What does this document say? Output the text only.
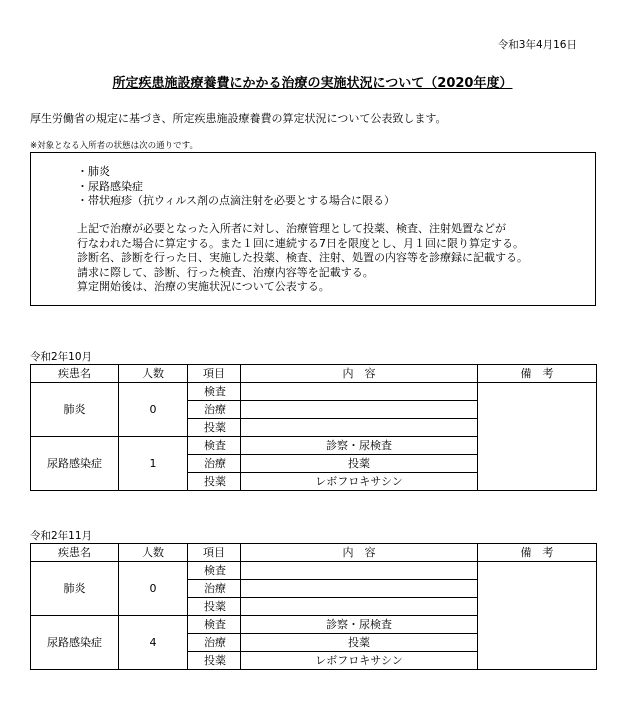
令和3年4月16日
所定疾患施設療養費にかかる治療の実施状況について（2020年度）
厚生労働省の規定に基づき、所定疾患施設療養費の算定状況について公表致します。
※対象となる入所者の状態は次の通りです。
・肺炎
・尿路感染症
・帯状疱疹（抗ウィルス剤の点滴注射を必要とする場合に限る）
上記で治療が必要となった入所者に対し、治療管理として投薬、検査、注射処置などが
行なわれた場合に算定する。また１回に連続する7日を限度とし、月１回に限り算定する。
診断名、診断を行った日、実施した投薬、検査、注射、処置の内容等を診療録に記載する。
請求に際して、診断、行った検査、治療内容等を記載する。
算定開始後は、治療の実施状況について公表する。
令和2年10月
疾患名	人数	項目	内　容	備　考
肺炎	0	検査		
		治療		
		投薬		
尿路感染症	1	検査	診察・尿検査	
		治療	投薬	
		投薬	レボフロキサシン	
令和2年11月
疾患名	人数	項目	内　容	備　考
肺炎	0	検査		
		治療		
		投薬		
尿路感染症	4	検査	診察・尿検査	
		治療	投薬	
		投薬	レボフロキサシン	
